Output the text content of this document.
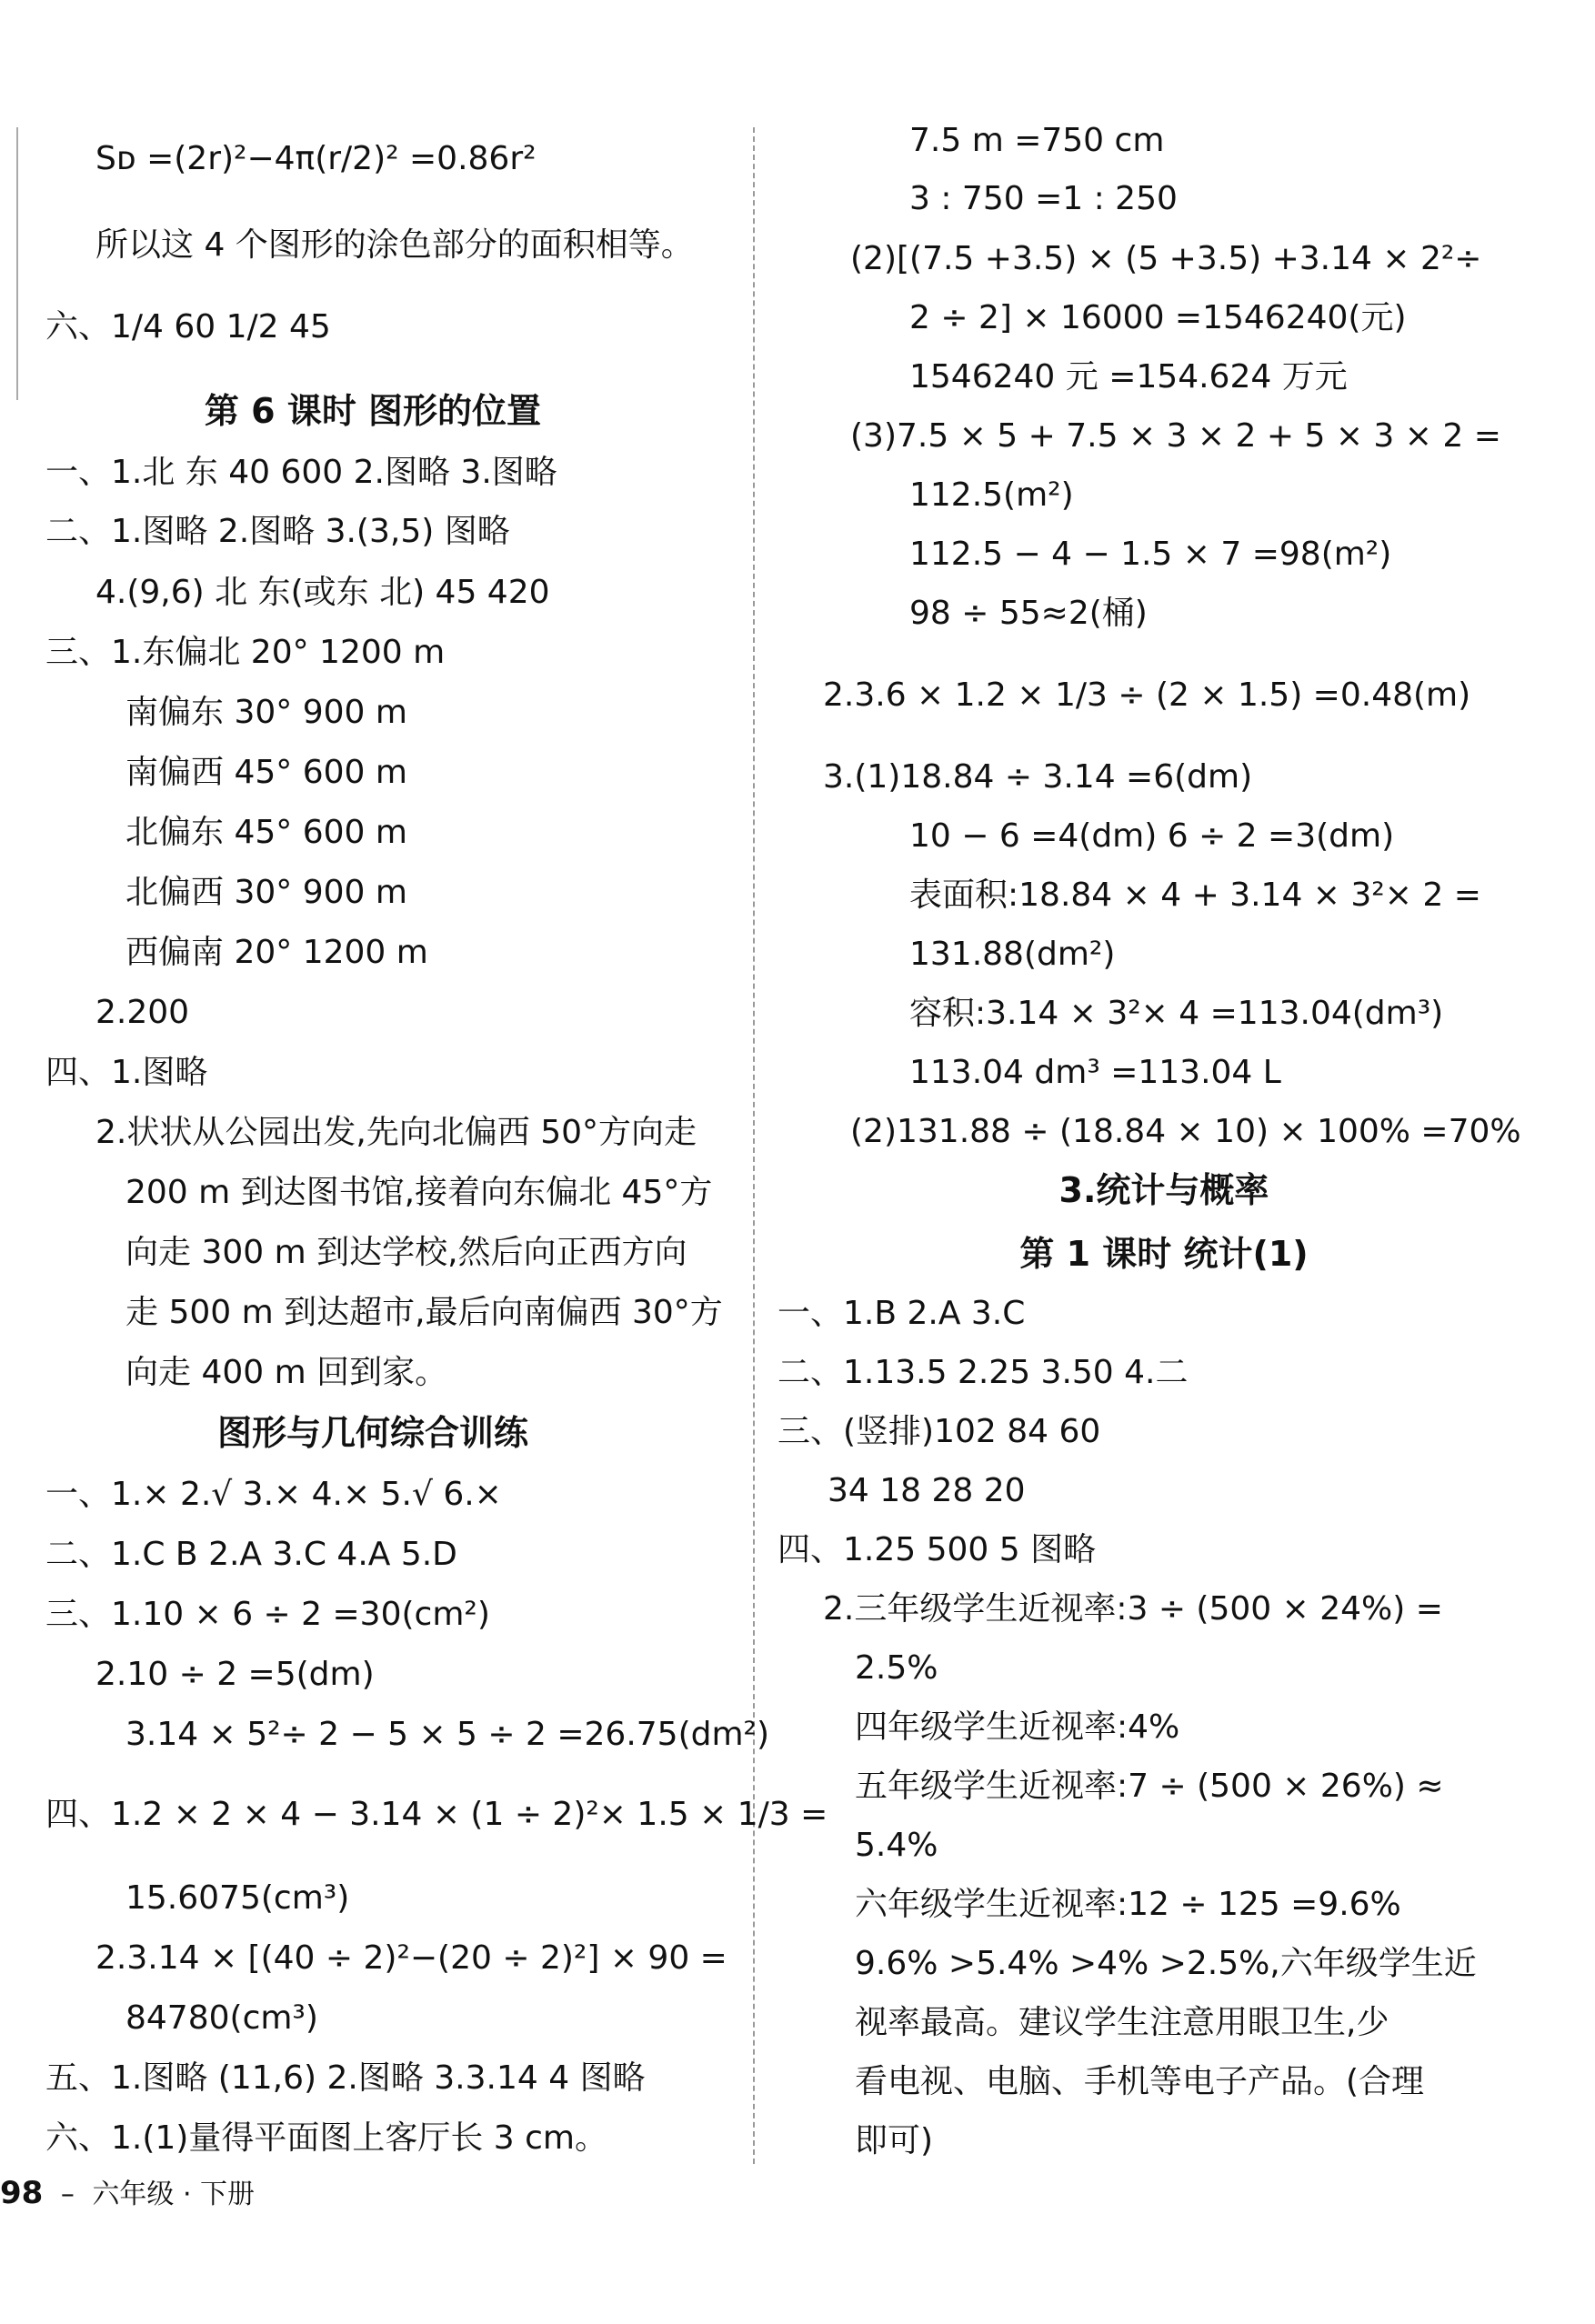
Sᴅ =(2r)²−4π(r/2)² =0.86r²
所以这 4 个图形的涂色部分的面积相等。
六、1/4 60 1/2 45
第 6 课时 图形的位置
一、1.北 东 40 600 2.图略 3.图略
二、1.图略 2.图略 3.(3,5) 图略
4.(9,6) 北 东(或东 北) 45 420
三、1.东偏北 20° 1200 m
南偏东 30° 900 m
南偏西 45° 600 m
北偏东 45° 600 m
北偏西 30° 900 m
西偏南 20° 1200 m
2.200
四、1.图略
2.状状从公园出发,先向北偏西 50°方向走
200 m 到达图书馆,接着向东偏北 45°方
向走 300 m 到达学校,然后向正西方向
走 500 m 到达超市,最后向南偏西 30°方
向走 400 m 回到家。
图形与几何综合训练
一、1.× 2.√ 3.× 4.× 5.√ 6.×
二、1.C B 2.A 3.C 4.A 5.D
三、1.10 × 6 ÷ 2 =30(cm²)
2.10 ÷ 2 =5(dm)
3.14 × 5²÷ 2 − 5 × 5 ÷ 2 =26.75(dm²)
四、1.2 × 2 × 4 − 3.14 × (1 ÷ 2)²× 1.5 × 1/3 =
15.6075(cm³)
2.3.14 × [(40 ÷ 2)²−(20 ÷ 2)²] × 90 =
84780(cm³)
五、1.图略 (11,6) 2.图略 3.3.14 4 图略
六、1.(1)量得平面图上客厅长 3 cm。
7.5 m =750 cm
3 : 750 =1 : 250
(2)[(7.5 +3.5) × (5 +3.5) +3.14 × 2²÷
2 ÷ 2] × 16000 =1546240(元)
1546240 元 =154.624 万元
(3)7.5 × 5 + 7.5 × 3 × 2 + 5 × 3 × 2 =
112.5(m²)
112.5 − 4 − 1.5 × 7 =98(m²)
98 ÷ 55≈2(桶)
2.3.6 × 1.2 × 1/3 ÷ (2 × 1.5) =0.48(m)
3.(1)18.84 ÷ 3.14 =6(dm)
10 − 6 =4(dm) 6 ÷ 2 =3(dm)
表面积:18.84 × 4 + 3.14 × 3²× 2 =
131.88(dm²)
容积:3.14 × 3²× 4 =113.04(dm³)
113.04 dm³ =113.04 L
(2)131.88 ÷ (18.84 × 10) × 100% =70%
3.统计与概率
第 1 课时 统计(1)
一、1.B 2.A 3.C
二、1.13.5 2.25 3.50 4.二
三、(竖排)102 84 60
34 18 28 20
四、1.25 500 5 图略
2.三年级学生近视率:3 ÷ (500 × 24%) =
2.5%
四年级学生近视率:4%
五年级学生近视率:7 ÷ (500 × 26%) ≈
5.4%
六年级学生近视率:12 ÷ 125 =9.6%
9.6% >5.4% >4% >2.5%,六年级学生近
视率最高。建议学生注意用眼卫生,少
看电视、电脑、手机等电子产品。(合理
即可)
98 – 六年级 · 下册
